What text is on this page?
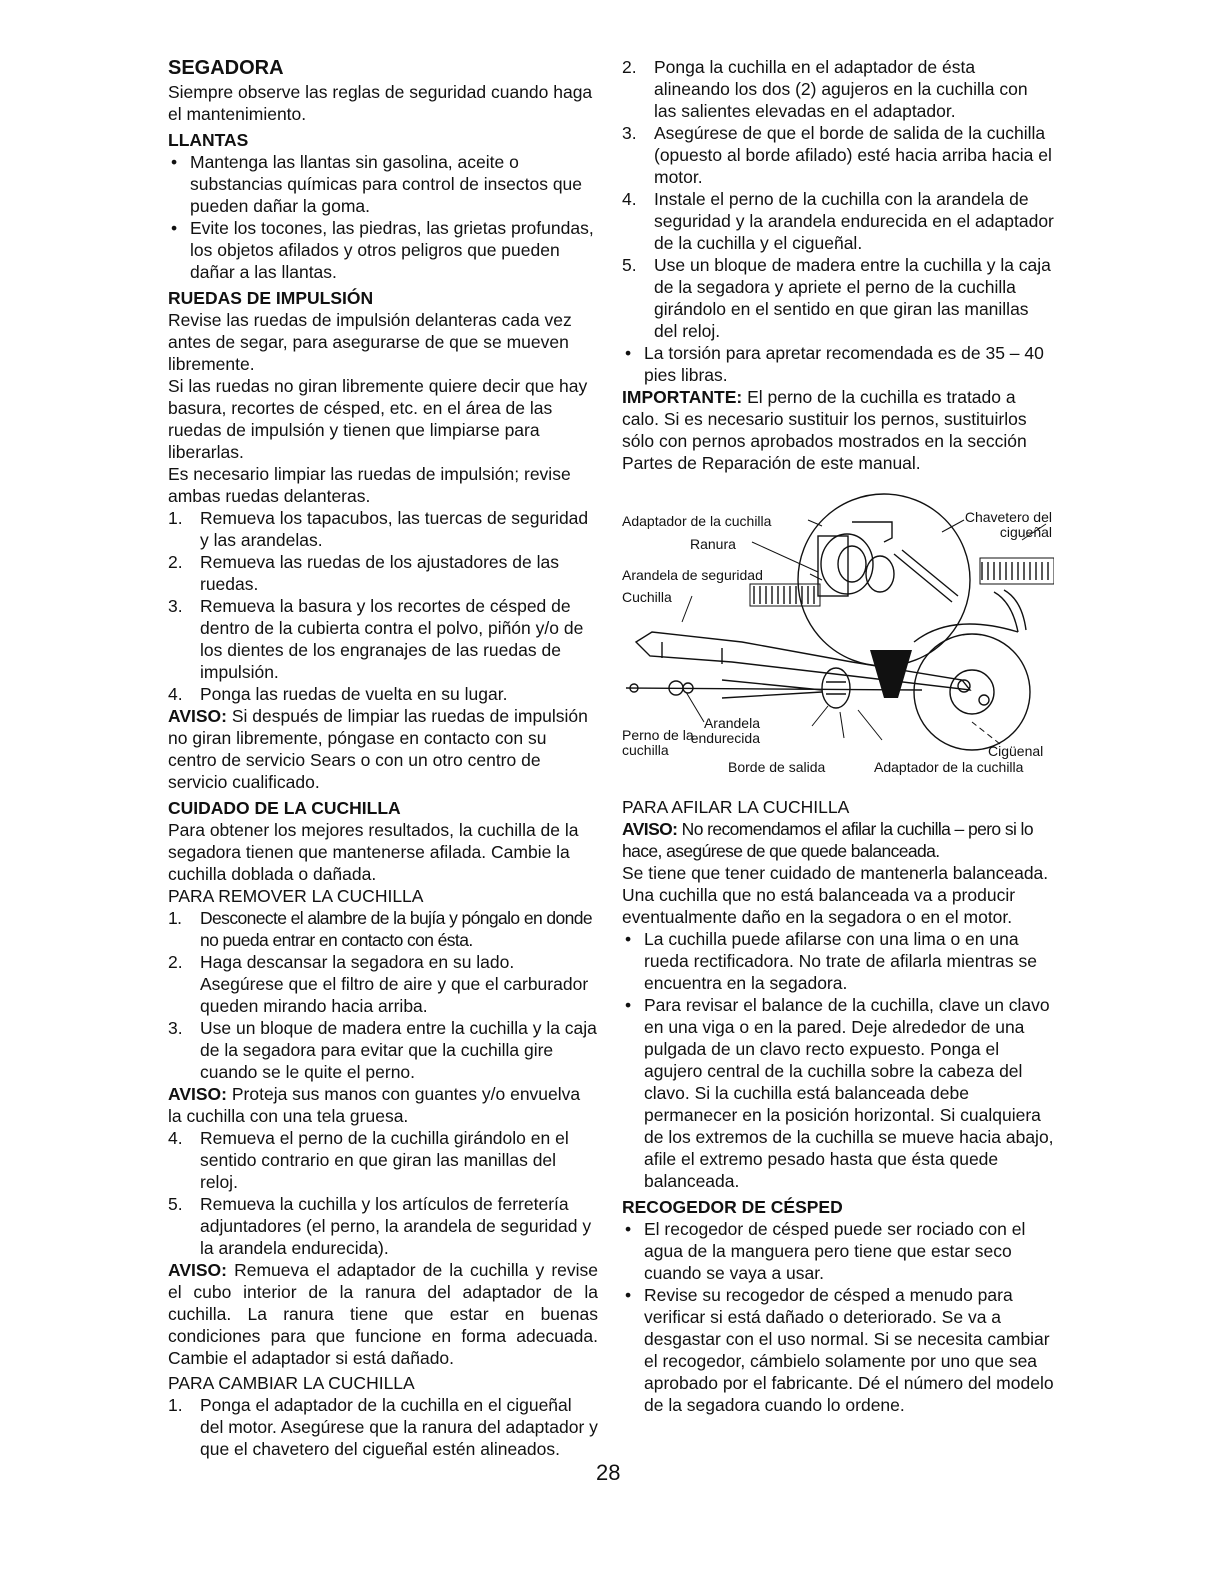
SEGADORA

Siempre observe las reglas de seguridad cuando haga el mantenimiento.

LLANTAS
• Mantenga las llantas sin gasolina, aceite o substancias químicas para control de insectos que pueden dañar la goma.
• Evite los tocones, las piedras, las grietas profundas, los objetos afilados y otros peligros que pueden dañar a las llantas.
RUEDAS DE IMPULSIÓN

Revise las ruedas de impulsión delanteras cada vez antes de segar, para asegurarse de que se mueven libremente.

Si las ruedas no giran libremente quiere decir que hay basura, recortes de césped, etc. en el área de las ruedas de impulsión y tienen que limpiarse para liberarlas.

Es necesario limpiar las ruedas de impulsión; revise ambas ruedas delanteras.

1. Remueva los tapacubos, las tuercas de seguridad y las arandelas.
2. Remueva las ruedas de los ajustadores de las ruedas.
3. Remueva la basura y los recortes de césped de dentro de la cubierta contra el polvo, piñón y/o de los dientes de los engranajes de las ruedas de impulsión.
4. Ponga las ruedas de vuelta en su lugar.

AVISO: Si después de limpiar las ruedas de impulsión no giran libremente, póngase en contacto con su centro de servicio Sears o con un otro centro de servicio cualificado.

CUIDADO DE LA CUCHILLA

Para obtener los mejores resultados, la cuchilla de la segadora tienen que mantenerse afilada. Cambie la cuchilla doblada o dañada.

PARA REMOVER LA CUCHILLA

1. Desconecte el alambre de la bujía y póngalo en donde no pueda entrar en contacto con ésta.
2. Haga descansar la segadora en su lado. Asegúrese que el filtro de aire y que el carburador queden mirando hacia arriba.
3. Use un bloque de madera entre la cuchilla y la caja de la segadora para evitar que la cuchilla gire cuando se le quite el perno.

AVISO: Proteja sus manos con guantes y/o envuelva la cuchilla con una tela gruesa.

4. Remueva el perno de la cuchilla girándolo en el sentido contrario en que giran las manillas del reloj.
5. Remueva la cuchilla y los artículos de ferretería adjuntadores (el perno, la arandela de seguridad y la arandela endurecida).

AVISO: Remueva el adaptador de la cuchilla y revise el cubo interior de la ranura del adaptador de la cuchilla. La ranura tiene que estar en buenas condiciones para que funcione en forma adecuada. Cambie el adaptador si está dañado.

PARA CAMBIAR LA CUCHILLA

1. Ponga el adaptador de la cuchilla en el cigueñal del motor. Asegúrese que la ranura del adaptador y que el chavetero del cigueñal estén alineados.
2. Ponga la cuchilla en el adaptador de ésta alineando los dos (2) agujeros en la cuchilla con las salientes elevadas en el adaptador.
3. Asegúrese de que el borde de salida de la cuchilla (opuesto al borde afilado) esté hacia arriba hacia el motor.
4. Instale el perno de la cuchilla con la arandela de seguridad y la arandela endurecida en el adaptador de la cuchilla y el cigueñal.
5. Use un bloque de madera entre la cuchilla y la caja de la segadora y apriete el perno de la cuchilla girándolo en el sentido en que giran las manillas del reloj.
• La torsión para apretar recomendada es de 35 – 40 pies libras.

IMPORTANTE: El perno de la cuchilla es tratado a calo. Si es necesario sustituir los pernos, sustituirlos sólo con pernos aprobados mostrados en la sección Partes de Reparación de este manual.

Adaptador de la cuchilla
Ranura
Arandela de seguridad
Cuchilla
Chavetero del cigueñal
Perno de la cuchilla
Arandela endurecida
Borde de salida	Adaptador de la cuchilla
Cigüenal

PARA AFILAR LA CUCHILLA

AVISO: No recomendamos el afilar la cuchilla – pero si lo hace, asegúrese de que quede balanceada.

Se tiene que tener cuidado de mantenerla balanceada. Una cuchilla que no está balanceada va a producir eventualmente daño en la segadora o en el motor.

• La cuchilla puede afilarse con una lima o en una rueda rectificadora. No trate de afilarla mientras se encuentra en la segadora.
• Para revisar el balance de la cuchilla, clave un clavo en una viga o en la pared. Deje alrededor de una pulgada de un clavo recto expuesto. Ponga el agujero central de la cuchilla sobre la cabeza del clavo. Si la cuchilla está balanceada debe permanecer en la posición horizontal. Si cualquiera de los extremos de la cuchilla se mueve hacia abajo, afile el extremo pesado hasta que ésta quede balanceada.
RECOGEDOR DE CÉSPED
• El recogedor de césped puede ser rociado con el agua de la manguera pero tiene que estar seco cuando se vaya a usar.
• Revise su recogedor de césped a menudo para verificar si está dañado o deteriorado. Se va a desgastar con el uso normal. Si se necesita cambiar el recogedor, cámbielo solamente por uno que sea aprobado por el fabricante. Dé el número del modelo de la segadora cuando lo ordene.
28
